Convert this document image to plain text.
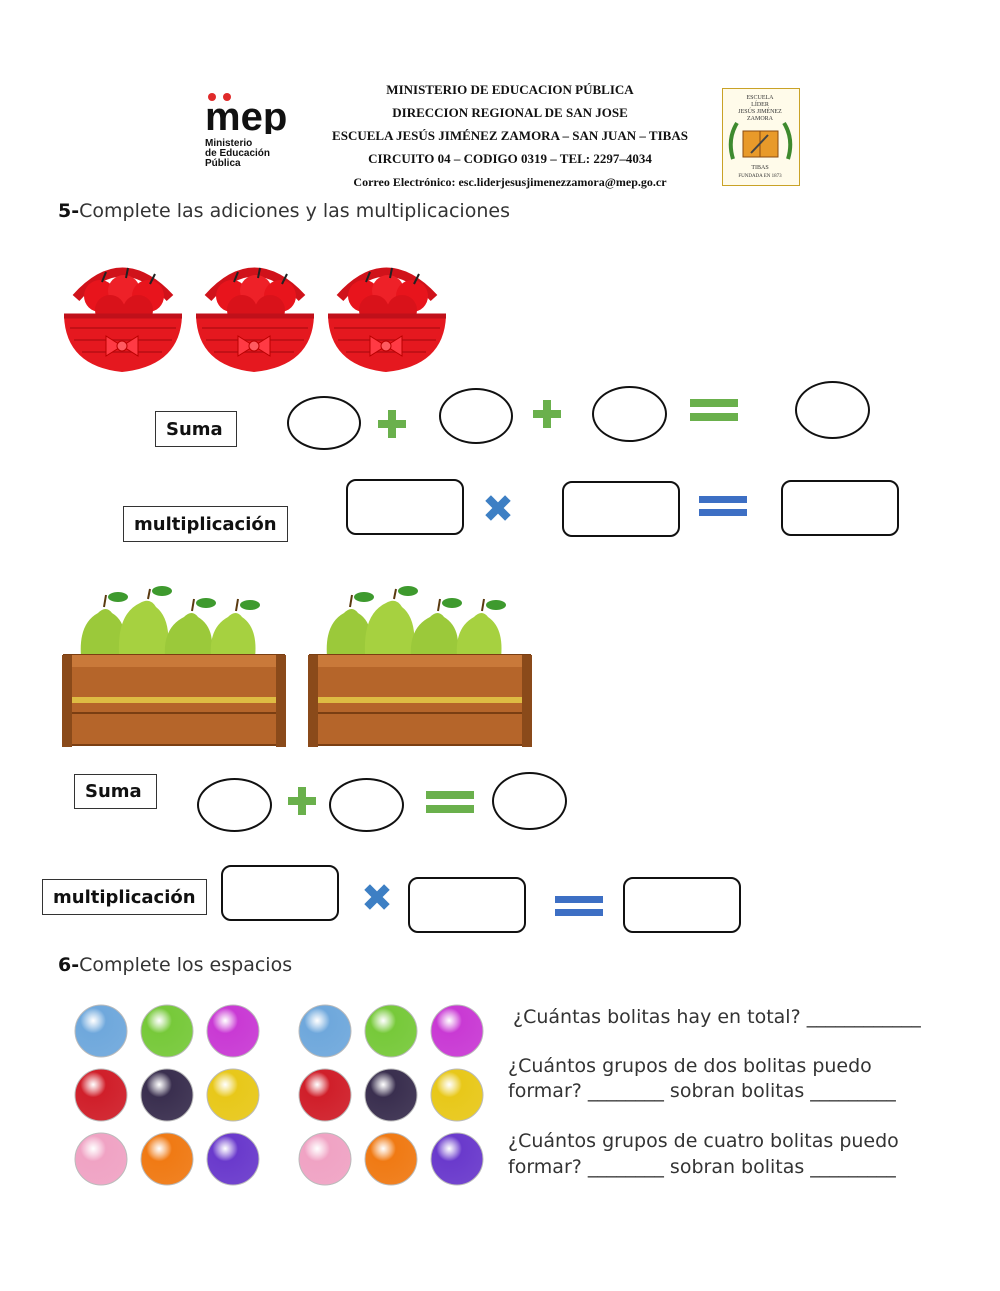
mep
Ministerio
de Educación Pública
MINISTERIO DE EDUCACION PÚBLICA
DIRECCION REGIONAL DE SAN JOSE
ESCUELA JESÚS JIMÉNEZ ZAMORA – SAN JUAN – TIBAS
CIRCUITO 04 – CODIGO 0319 – TEL: 2297–4034
Correo Electrónico: esc.liderjesusjimenezzamora@mep.go.cr
ESCUELA
LÍDER
JESÚS JIMÉNEZ
ZAMORA
TIBAS
FUNDADA EN 1873
5-Complete las adiciones y las multiplicaciones
Suma
multiplicación
Suma
multiplicación
6-Complete los espacios
¿Cuántas bolitas hay en total? ____________
¿Cuántos grupos de dos bolitas puedo
formar? ________ sobran bolitas _________
¿Cuántos grupos de cuatro bolitas puedo
formar? ________ sobran bolitas _________
